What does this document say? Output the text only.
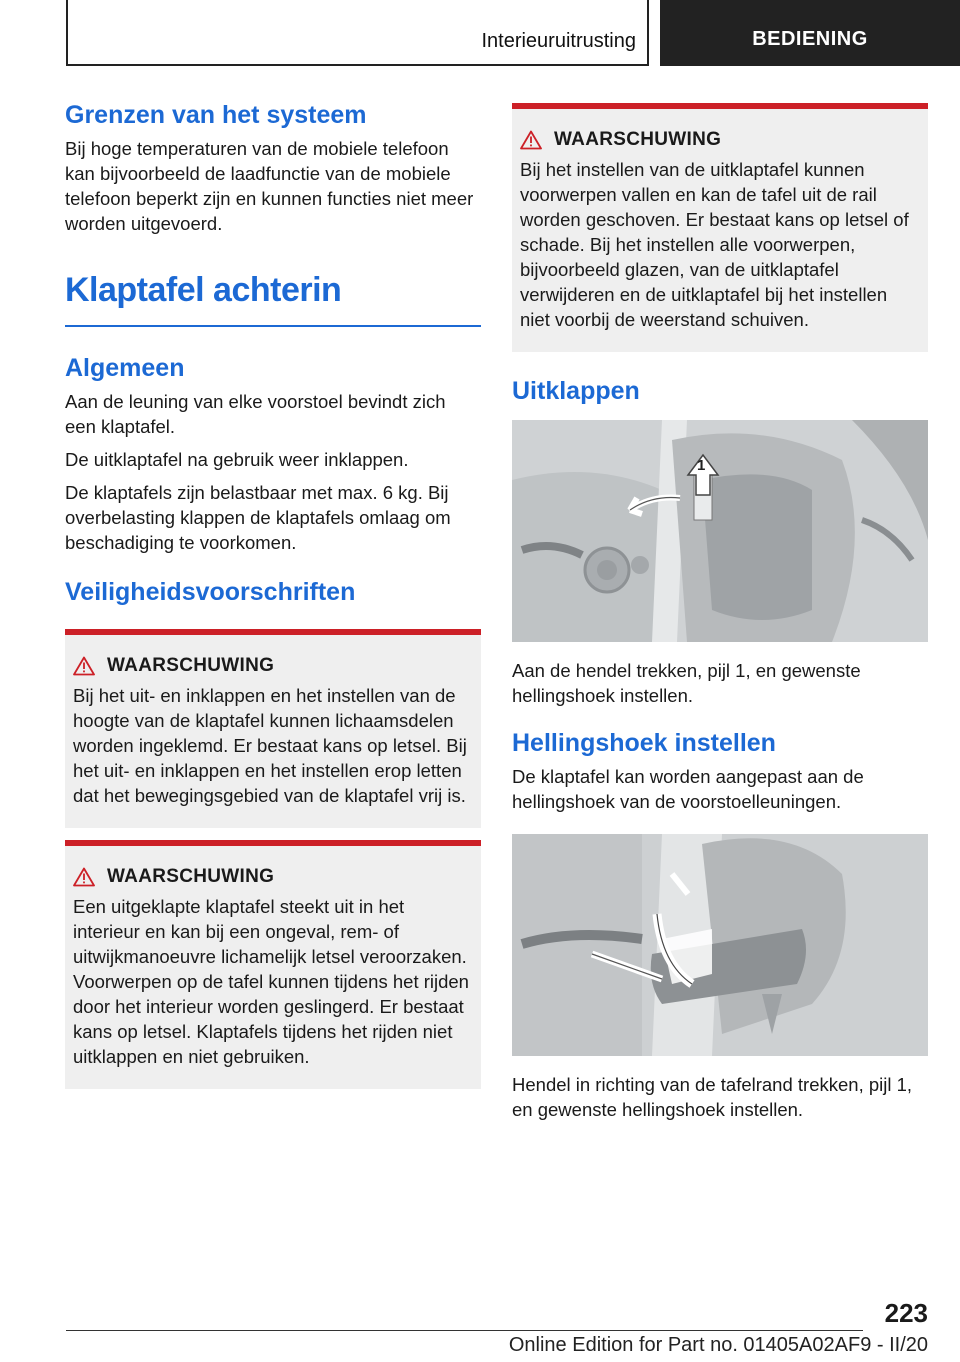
Interieuruitrusting	BEDIENING
Grenzen van het systeem

Bij hoge temperaturen van de mobiele telefoon kan bijvoorbeeld de laadfunctie van de mobiele telefoon beperkt zijn en kunnen functies niet meer worden uitgevoerd.

Klaptafel achterin
Algemeen

Aan de leuning van elke voorstoel bevindt zich een klaptafel.

De uitklaptafel na gebruik weer inklappen.

De klaptafels zijn belastbaar met max. 6 kg. Bij overbelasting klappen de klaptafels omlaag om beschadiging te voorkomen.

Veiligheidsvoorschriften
WAARSCHUWING

Bij het uit- en inklappen en het instellen van de hoogte van de klaptafel kunnen lichaamsdelen worden ingeklemd. Er bestaat kans op letsel. Bij het uit- en inklappen en het instellen erop letten dat het bewegingsgebied van de klaptafel vrij is.

WAARSCHUWING

Een uitgeklapte klaptafel steekt uit in het interieur en kan bij een ongeval, rem- of uitwijkmanoeuvre lichamelijk letsel veroorzaken. Voorwerpen op de tafel kunnen tijdens het rijden door het interieur worden geslingerd. Er bestaat kans op letsel. Klaptafels tijdens het rijden niet uitklappen en niet gebruiken.

WAARSCHUWING

Bij het instellen van de uitklaptafel kunnen voorwerpen vallen en kan de tafel uit de rail worden geschoven. Er bestaat kans op letsel of schade. Bij het instellen alle voorwerpen, bijvoorbeeld glazen, van de uitklaptafel verwijderen en de uitklaptafel bij het instellen niet voorbij de weerstand schuiven.

Uitklappen
1

Aan de hendel trekken, pijl 1, en gewenste hellingshoek instellen.

Hellingshoek instellen

De klaptafel kan worden aangepast aan de hellingshoek van de voorstoelleuningen.

Hendel in richting van de tafelrand trekken, pijl 1, en gewenste hellingshoek instellen.

223
Online Edition for Part no. 01405A02AF9 - II/20
